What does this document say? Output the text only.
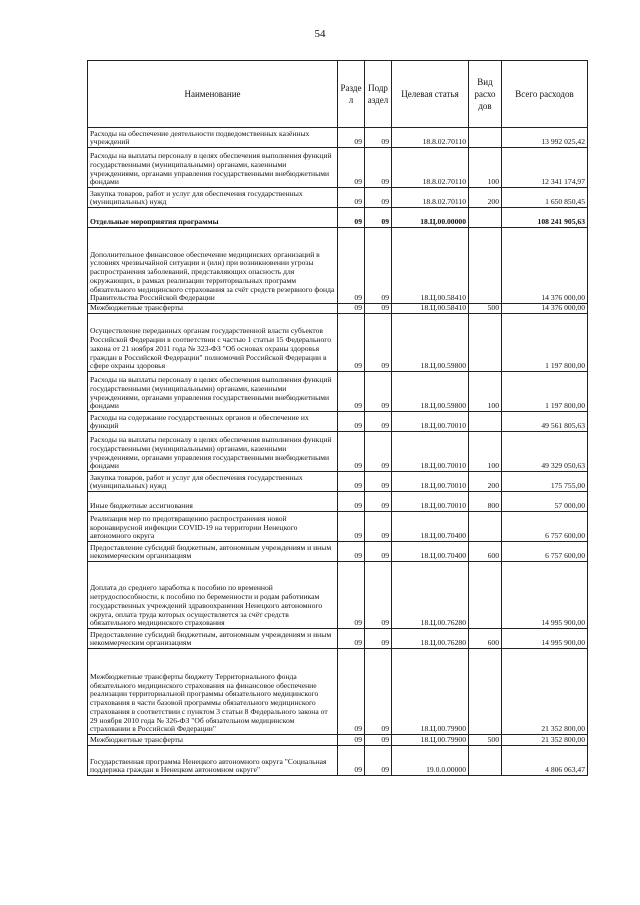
54
Наименование	Разде л	Подр аздел	Целевая статья	Вид расхо дов	Всего расходов
Расходы на обеспечение деятельности подведомственных казённых учреждений	09	09	18.8.02.70110		13 992 025,42
Расходы на выплаты персоналу в целях обеспечения выполнения функций государственными (муниципальными) органами, казенными учреждениями, органами управления государственными внебюджетными фондами	09	09	18.8.02.70110	100	12 341 174,97
Закупка товаров, работ и услуг для обеспечения государственных (муниципальных) нужд	09	09	18.8.02.70110	200	1 650 850,45
Отдельные мероприятия программы	09	09	18.Ц.00.00000		108 241 905,63
Дополнительное финансовое обеспечение медицинских организаций в условиях чрезвычайной ситуации и (или) при возникновении угрозы распространения заболеваний, представляющих опасность для окружающих, в рамках реализации территориальных программ обязательного медицинского страхования за счёт средств резервного фонда Правительства Российской Федерации	09	09	18.Ц.00.58410		14 376 000,00
Межбюджетные трансферты	09	09	18.Ц.00.58410	500	14 376 000,00
Осуществление переданных органам государственной власти субъектов Российской Федерации в соответствии с частью 1 статьи 15 Федерального закона от 21 ноября 2011 года № 323-ФЗ "Об основах охраны здоровья граждан в Российской Федерации" полномочий Российской Федерации в сфере охраны здоровья	09	09	18.Ц.00.59800		1 197 800,00
Расходы на выплаты персоналу в целях обеспечения выполнения функций государственными (муниципальными) органами, казенными учреждениями, органами управления государственными внебюджетными фондами	09	09	18.Ц.00.59800	100	1 197 800,00
Расходы на содержание государственных органов и обеспечение их функций	09	09	18.Ц.00.70010		49 561 805,63
Расходы на выплаты персоналу в целях обеспечения выполнения функций государственными (муниципальными) органами, казенными учреждениями, органами управления государственными внебюджетными фондами	09	09	18.Ц.00.70010	100	49 329 050,63
Закупка товаров, работ и услуг для обеспечения государственных (муниципальных) нужд	09	09	18.Ц.00.70010	200	175 755,00
Иные бюджетные ассигнования	09	09	18.Ц.00.70010	800	57 000,00
Реализация мер по предотвращению распространения новой коронавирусной инфекции COVID-19 на территории Ненецкого автономного округа	09	09	18.Ц.00.70400		6 757 600,00
Предоставление субсидий бюджетным, автономным учреждениям и иным некоммерческим организациям	09	09	18.Ц.00.70400	600	6 757 600,00
Доплата до среднего заработка к пособию по временной нетрудоспособности, к пособию по беременности и родам работникам государственных учреждений здравоохранения Ненецкого автономного округа, оплата труда которых осуществляется за счёт средств обязательного медицинского страхования	09	09	18.Ц.00.76280		14 995 900,00
Предоставление субсидий бюджетным, автономным учреждениям и иным некоммерческим организациям	09	09	18.Ц.00.76280	600	14 995 900,00
Межбюджетные трансферты бюджету Территориального фонда обязательного медицинского страхования на финансовое обеспечение реализации территориальной программы обязательного медицинского страхования в части базовой программы обязательного медицинского страхования в соответствии с пунктом 3 статьи 8 Федерального закона от 29 ноября 2010 года № 326-ФЗ "Об обязательном медицинском страховании в Российской Федерации"	09	09	18.Ц.00.79900		21 352 800,00
Межбюджетные трансферты	09	09	18.Ц.00.79900	500	21 352 800,00
Государственная программа Ненецкого автономного округа "Социальная поддержка граждан в Ненецком автономном округе"	09	09	19.0.0.00000		4 806 063,47
